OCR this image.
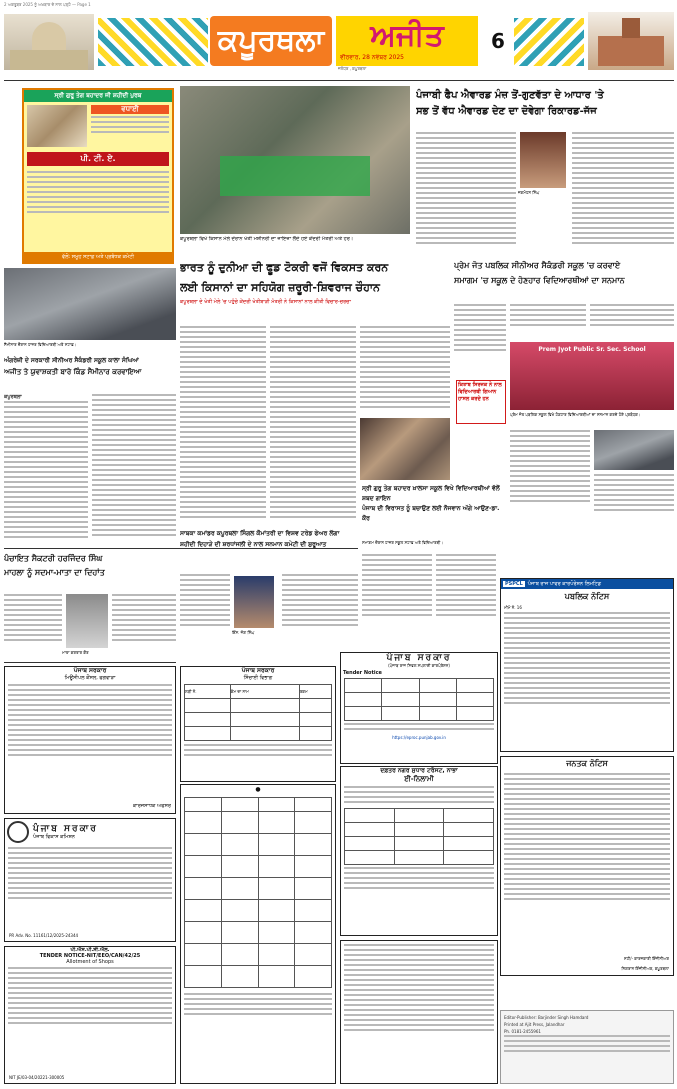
2 ਅਕਤੂਬਰ 2025 ਨੂੰ ਅਖ਼ਬਾਰ ਦੇ ਨਾਲ ਪੜ੍ਹੋ — Page 1
ਕਪੂਰਥਲਾ	ਅਜੀਤ
ਵੀਰਵਾਰ, 28 ਨਵੰਬਰ 2025
6
ਜਲੰਧਰ , ਕਪੂਰਥਲਾ
ਸ੍ਰੀ ਗੁਰੂ ਤੇਗ ਬਹਾਦਰ ਜੀ ਸ਼ਹੀਦੀ ਪੁਰਬ
ਵਧਾਈ
ਪੀ. ਟੀ. ਏ.
ਵੱਲੋਂ: ਸਮੂਹ ਸਟਾਫ਼ ਅਤੇ ਪ੍ਰਬੰਧਕ ਕਮੇਟੀ
ਕਪੂਰਥਲਾ ਵਿਖੇ ਕਿਸਾਨ ਮੇਲੇ ਦੌਰਾਨ ਖੇਤੀ ਮਸ਼ੀਨਰੀ ਦਾ ਜਾਇਜ਼ਾ ਲੈਂਦੇ ਹੋਏ ਕੇਂਦਰੀ ਮੰਤਰੀ ਅਤੇ ਹੋਰ।
ਪੰਜਾਬੀ ਫੈਪ ਐਵਾਰਡ ਮੰਜ਼ ਤੋਂ-ਗੁਣਵੱਤਾ ਦੇ ਆਧਾਰ 'ਤੇ
ਸਭ ਤੋਂ ਵੱਧ ਐਵਾਰਡ ਦੇਣ ਦਾ ਦੋਵੇਗਾ ਰਿਕਾਰਡ-ਜੱਜ
ਜਗਮੋਹਨ ਸਿੰਘ
ਭਾਰਤ ਨੂੰ ਦੁਨੀਆ ਦੀ ਫੂਡ ਟੋਕਰੀ ਵਜੋਂ ਵਿਕਸਤ ਕਰਨ
ਲਈ ਕਿਸਾਨਾਂ ਦਾ ਸਹਿਯੋਗ ਜ਼ਰੂਰੀ-ਸ਼ਿਵਰਾਜ ਚੌਹਾਨ
ਕਪੂਰਥਲਾ ਦੇ ਖੇਤੀ ਮੇਲੇ 'ਚ ਪਹੁੰਚੇ ਕੇਂਦਰੀ ਖੇਤੀਬਾੜੀ ਮੰਤਰੀ ਨੇ ਕਿਸਾਨਾਂ ਨਾਲ ਕੀਤੀ ਵਿਚਾਰ-ਚਰਚਾ
ਪ੍ਰੇਮ ਜੋਤ ਪਬਲਿਕ ਸੀਨੀਅਰ ਸੈਕੰਡਰੀ ਸਕੂਲ 'ਚ ਕਰਵਾਏ
ਸਮਾਗਮ 'ਚ ਸਕੂਲ ਦੇ ਹੋਣਹਾਰ ਵਿਦਿਆਰਥੀਆਂ ਦਾ ਸਨਮਾਨ
ਸੈਮੀਨਾਰ ਦੌਰਾਨ ਹਾਜ਼ਰ ਵਿਦਿਆਰਥੀ ਅਤੇ ਸਟਾਫ਼।
ਅੰਗਰੇਜ਼ੀ ਦੇ ਸਰਕਾਰੀ ਸੀਨੀਅਰ ਸੈਕੰਡਰੀ ਸਕੂਲ ਕਾਲਾ ਸੰਘਿਆਂ
ਅਜੀਤ ਤੇ ਯੁਵਾਸ਼ਕਤੀ ਬਾਰੇ ਕਿੰਡ ਸੈਮੀਨਾਰ ਕਰਵਾਇਆ
ਕਪੂਰਥਲਾ
ਕਿਤਾਬ ਸਿਰਜਕ ਨੇ ਨਾਲ ਵਿਦਿਆਰਥੀ ਗਿਆਨ ਹਾਸਲ ਕਰਦੇ ਹਨ
Prem Jyot Public Sr. Sec. School
ਪ੍ਰੇਮ ਜੋਤ ਪਬਲਿਕ ਸਕੂਲ ਵਿਖੇ ਹੋਣਹਾਰ ਵਿਦਿਆਰਥੀਆਂ ਦਾ ਸਨਮਾਨ ਕਰਦੇ ਹੋਏ ਪ੍ਰਬੰਧਕ।
ਸਾਬਕਾ ਕਮਾਂਡਰ ਕਪੂਰਥਲਾ ਸਿੰਗਲ ਕੌਮਾਂਤਰੀ ਦਾ ਵਿਸ਼ਵ ਟਰੇਡ ਫੇਅਰ ਲੱਗਾ
ਸ਼ਹੀਦੀ ਦਿਹਾੜੇ ਦੀ ਸ਼ਰਧਾਂਜਲੀ ਦੇ ਨਾਲ ਸਨਮਾਨ ਕਮੇਟੀ ਦੀ ਸ਼ੁਰੂਆਤ
ਸ੍ਰੀ ਗੁਰੂ ਤੇਗ ਬਹਾਦਰ ਖ਼ਾਲਸਾ ਸਕੂਲ ਵਿਖੇ ਵਿਦਿਆਰਥੀਆਂ ਵੱਲੋਂ ਸ਼ਬਦ ਗਾਇਨ
ਪੰਜਾਬ ਦੀ ਵਿਰਾਸਤ ਨੂੰ ਬਚਾਉਣ ਲਈ ਨੌਜਵਾਨ ਅੱਗੇ ਆਉਣ-ਡਾ. ਕੌਰ
ਸਮਾਗਮ ਦੌਰਾਨ ਹਾਜ਼ਰ ਸਕੂਲ ਸਟਾਫ਼ ਅਤੇ ਵਿਦਿਆਰਥੀ।
ਪੰਚਾਇਤ ਸੈਕਟਰੀ ਹਰਜਿੰਦਰ ਸਿੰਘ
ਮਾਹਲਾ ਨੂੰ ਸਦਮਾ-ਮਾਤਾ ਦਾ ਦਿਹਾਂਤ
ਮਾਤਾ ਕਰਤਾਰ ਕੌਰ
ਇੰਸ. ਜੰਗ ਸਿੰਘ
PSPCL	ਪੰਜਾਬ ਰਾਜ ਪਾਵਰ ਕਾਰਪੋਰੇਸ਼ਨ ਲਿਮਟਿਡ
ਪਬਲਿਕ ਨੋਟਿਸ
ਮੀਮੋ ਨੰ. 16
ਪੰਜਾਬ ਸਰਕਾਰ
(ਪੰਜਾਬ ਰਾਜ ਸਿਵਲ ਸਪਲਾਈ ਕਾਰਪੋਰੇਸ਼ਨ)
Tender Notice

https://eproc.punjab.gov.in
ਪੰਜਾਬ ਸਰਕਾਰ
ਮਿਊਂਸੀਪਲ ਕੌਂਸਲ, ਫਗਵਾੜਾ
ਕਾਰਜਸਾਧਕ ਅਫਸਰ
ਪੰਜਾਬ ਸਰਕਾਰ
ਸਿੰਚਾਈ ਵਿਭਾਗ
ਲੜੀ ਨੰ.	ਕੰਮ ਦਾ ਨਾਮ	ਰਕਮ

ਜਨਤਕ ਨੋਟਿਸ
ਸਹੀ/- ਕਾਰਜਕਾਰੀ ਇੰਜੀਨੀਅਰ
ਨਿਗਰਾਨ ਇੰਜੀਨੀਅਰ, ਕਪੂਰਥਲਾ
ਦਫ਼ਤਰ ਨਗਰ ਸੁਧਾਰ ਟਰੱਸਟ, ਨਾਭਾ
ਈ-ਨਿਲਾਮੀ

●

ਪੰਜਾਬ ਸਰਕਾਰ
ਪੰਜਾਬ ਵਿਕਾਸ ਕਮਿਸ਼ਨ
PR Adv. No. 11161/12/2025-24344
ਪੀ.ਐਸ.ਪੀ.ਸੀ.ਐਲ.
TENDER NOTICE-NIT/EEO/CAN/42/25
Allotment of Shops
NIT JE/03-04/20221-300005
Editor-Publisher: Barjinder Singh Hamdard
Printed at Ajit Press, Jalandhar
Ph. 0181-2455961
